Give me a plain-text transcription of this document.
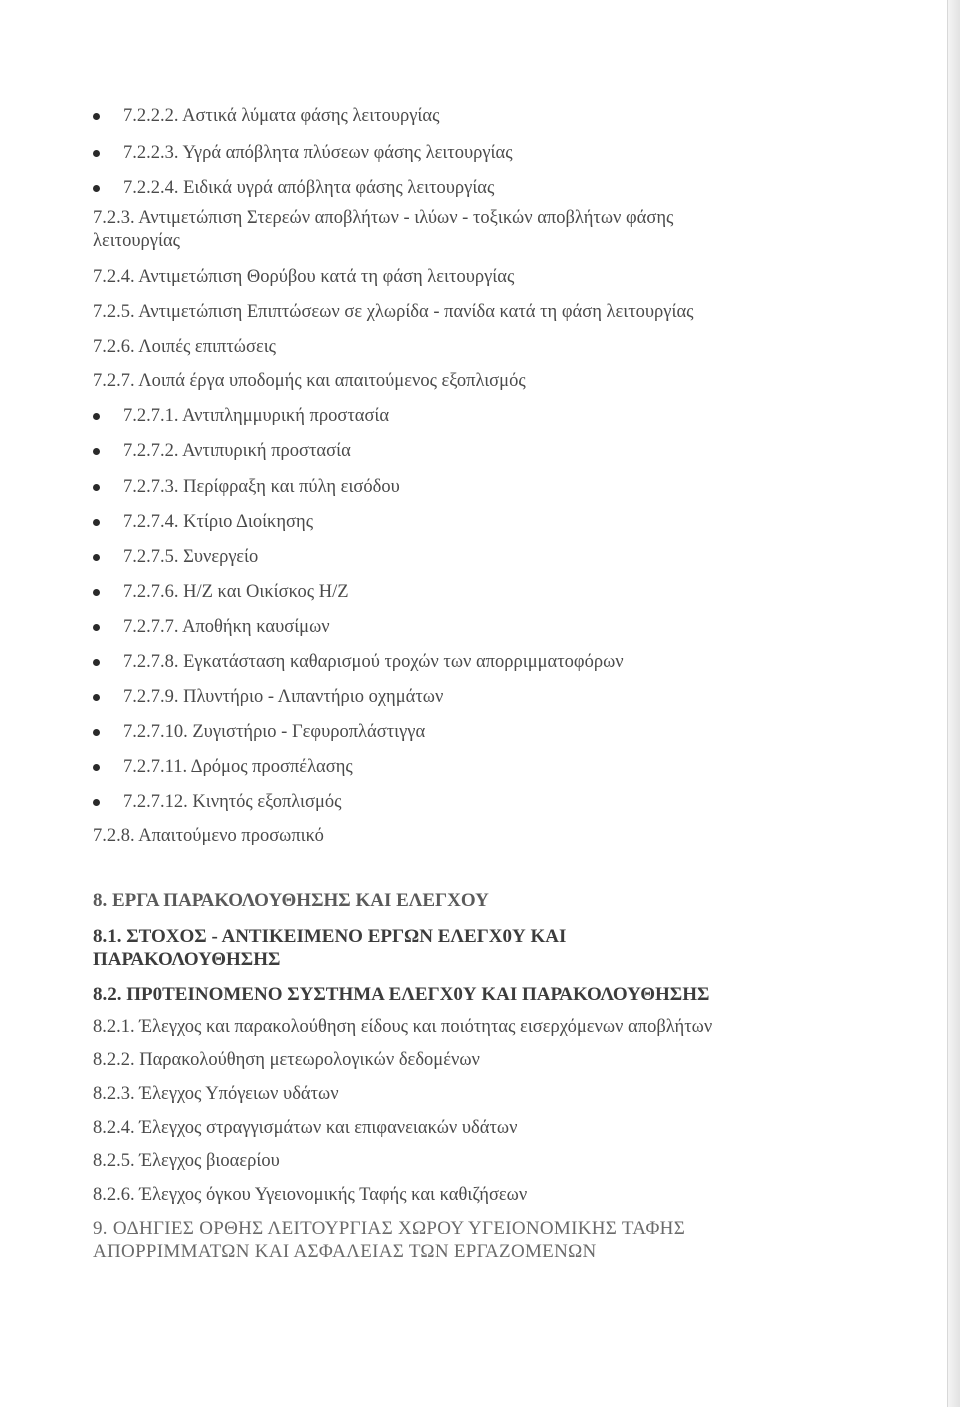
7.2.2.2. Αστικά λύματα φάσης λειτουργίας
7.2.2.3. Υγρά απόβλητα πλύσεων φάσης λειτουργίας
7.2.2.4. Ειδικά υγρά απόβλητα φάσης λειτουργίας
7.2.3. Αντιμετώπιση Στερεών αποβλήτων - ιλύων - τοξικών αποβλήτων φάσης
λειτουργίας
7.2.4. Αντιμετώπιση Θορύβου κατά τη φάση λειτουργίας
7.2.5. Αντιμετώπιση Επιπτώσεων σε χλωρίδα - πανίδα κατά τη φάση λειτουργίας
7.2.6. Λοιπές επιπτώσεις
7.2.7. Λοιπά έργα υποδομής και απαιτούμενος εξοπλισμός
7.2.7.1. Αντιπλημμυρική προστασία
7.2.7.2. Αντιπυρική προστασία
7.2.7.3. Περίφραξη και πύλη εισόδου
7.2.7.4. Κτίριο Διοίκησης
7.2.7.5. Συνεργείο
7.2.7.6. Η/Ζ και Οικίσκος Η/Ζ
7.2.7.7. Αποθήκη καυσίμων
7.2.7.8. Εγκατάσταση καθαρισμού τροχών των απορριμματοφόρων
7.2.7.9. Πλυντήριο - Λιπαντήριο οχημάτων
7.2.7.10. Ζυγιστήριο - Γεφυροπλάστιγγα
7.2.7.11. Δρόμος προσπέλασης
7.2.7.12. Κινητός εξοπλισμός
7.2.8. Απαιτούμενο προσωπικό
8. ΕΡΓΑ ΠΑΡΑΚΟΛΟΥΘΗΣΗΣ ΚΑΙ ΕΛΕΓΧΟΥ
8.1. ΣΤΟΧΟΣ - ΑΝΤΙΚΕΙΜΕΝΟ ΕΡΓΩΝ ΕΛΕΓΧ0Υ ΚΑΙ
ΠΑΡΑΚΟΛΟΥΘΗΣΗΣ
8.2. ΠΡ0ΤΕΙΝΟΜΕΝΟ ΣΥΣΤΗΜΑ ΕΛΕΓΧ0Υ ΚΑΙ ΠΑΡΑΚΟΛΟΥΘΗΣΗΣ
8.2.1. Έλεγχος και παρακολούθηση είδους και ποιότητας εισερχόμενων αποβλήτων
8.2.2. Παρακολούθηση μετεωρολογικών δεδομένων
8.2.3. Έλεγχος Υπόγειων υδάτων
8.2.4. Έλεγχος στραγγισμάτων και επιφανειακών υδάτων
8.2.5. Έλεγχος βιοαερίου
8.2.6. Έλεγχος όγκου Υγειονομικής Ταφής και καθιζήσεων
9. ΟΔΗΓΙΕΣ ΟΡΘΗΣ ΛΕΙΤΟΥΡΓΙΑΣ ΧΩΡΟΥ ΥΓΕΙΟΝΟΜΙΚΗΣ ΤΑΦΗΣ
ΑΠΟΡΡΙΜΜΑΤΩΝ ΚΑΙ ΑΣΦΑΛΕΙΑΣ ΤΩΝ ΕΡΓΑΖΟΜΕΝΩΝ
